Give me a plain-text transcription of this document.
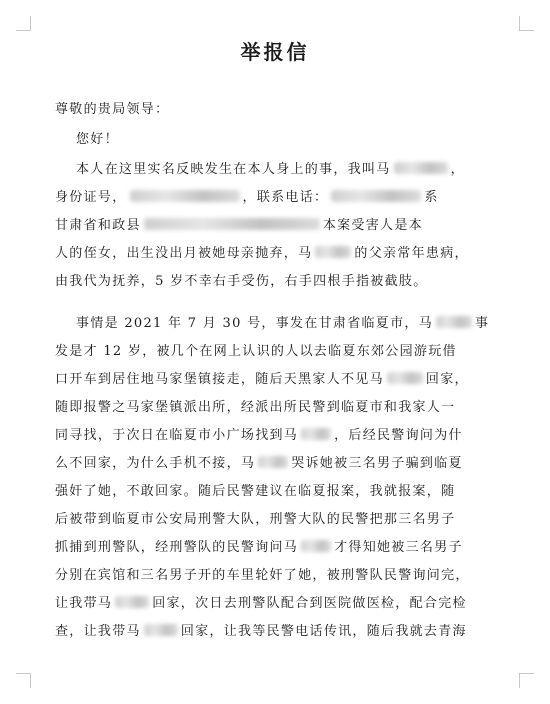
举报信
尊敬的贵局领导：
您好！
本人在这里实名反映发生在本人身上的事，我叫马	，
身份证号，	，联系电话：	系
甘肃省和政县	本案受害人是本
人的侄女，出生没出月被她母亲抛弃，马	的父亲常年患病，
由我代为抚养，5 岁不幸右手受伤，右手四根手指被截肢。
事情是 2021 年 7 月 30 号，事发在甘肃省临夏市，马	事
发是才 12 岁，被几个在网上认识的人以去临夏东郊公园游玩借
口开车到居住地马家堡镇接走，随后天黑家人不见马	回家，
随即报警之马家堡镇派出所，经派出所民警到临夏市和我家人一
同寻找，于次日在临夏市小广场找到马	，后经民警询问为什
么不回家，为什么手机不接，马	哭诉她被三名男子骗到临夏
强奸了她，不敢回家。随后民警建议在临夏报案，我就报案，随
后被带到临夏市公安局刑警大队，刑警大队的民警把那三名男子
抓捕到刑警队，经刑警队的民警询问马	才得知她被三名男子
分别在宾馆和三名男子开的车里轮奸了她，被刑警队民警询问完，
让我带马	回家，次日去刑警队配合到医院做医检，配合完检
查，让我带马	回家，让我等民警电话传讯，随后我就去青海
